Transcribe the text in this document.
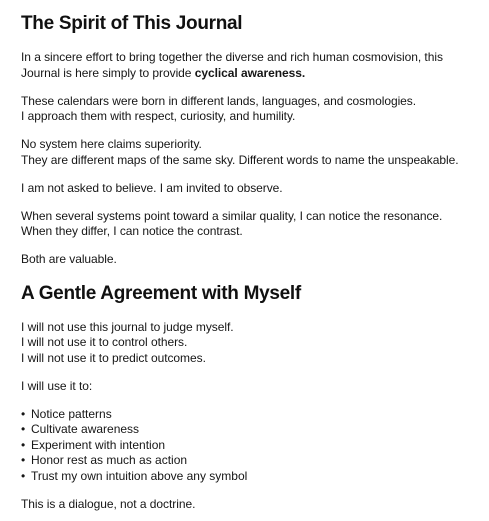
The Spirit of This Journal

In a sincere effort to bring together the diverse and rich human cosmovision, this
Journal is here simply to provide cyclical awareness.

These calendars were born in different lands, languages, and cosmologies.
I approach them with respect, curiosity, and humility.

No system here claims superiority.
They are different maps of the same sky. Different words to name the unspeakable.

I am not asked to believe. I am invited to observe.

When several systems point toward a similar quality, I can notice the resonance.
When they differ, I can notice the contrast.

Both are valuable.

A Gentle Agreement with Myself

I will not use this journal to judge myself.
I will not use it to control others.
I will not use it to predict outcomes.

I will use it to:

• Notice patterns
• Cultivate awareness
• Experiment with intention
• Honor rest as much as action
• Trust my own intuition above any symbol

This is a dialogue, not a doctrine.
